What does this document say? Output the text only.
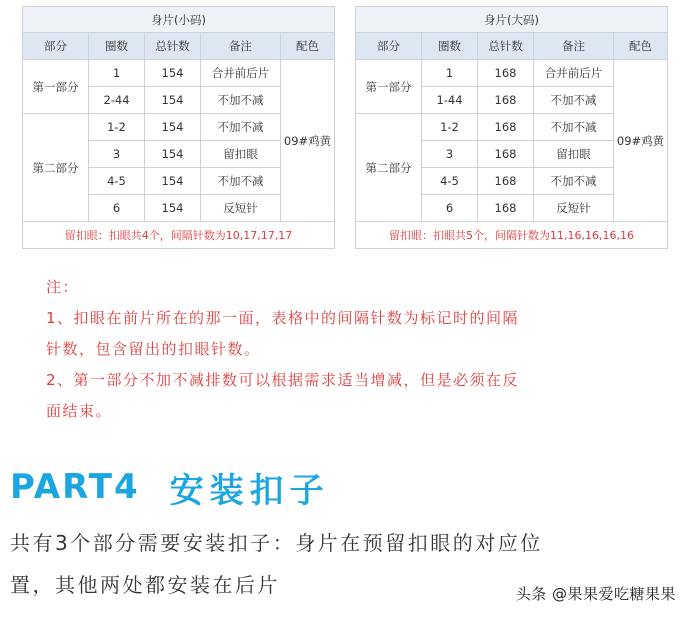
身片(小码)				
部分	圈数	总针数	备注	配色
第一部分	1	154	合并前后片	09#鸡黄
	2-44	154	不加不减	
第二部分	1-2	154	不加不减	
	3	154	留扣眼	
	4-5	154	不加不减	
	6	154	反短针	
留扣眼：扣眼共4个，间隔针数为10,17,17,17				
身片(大码)				
部分	圈数	总针数	备注	配色
第一部分	1	168	合并前后片	09#鸡黄
	1-44	168	不加不减	
第二部分	1-2	168	不加不减	
	3	168	留扣眼	
	4-5	168	不加不减	
	6	168	反短针	
留扣眼：扣眼共5个，间隔针数为11,16,16,16,16				

注：

1、扣眼在前片所在的那一面，表格中的间隔针数为标记时的间隔

针数，包含留出的扣眼针数。

2、第一部分不加不减排数可以根据需求适当增减，但是必须在反

面结束。

PART4 安装扣子

共有3个部分需要安装扣子：身片在预留扣眼的对应位

置，其他两处都安装在后片	头条 @果果爱吃糖果果
